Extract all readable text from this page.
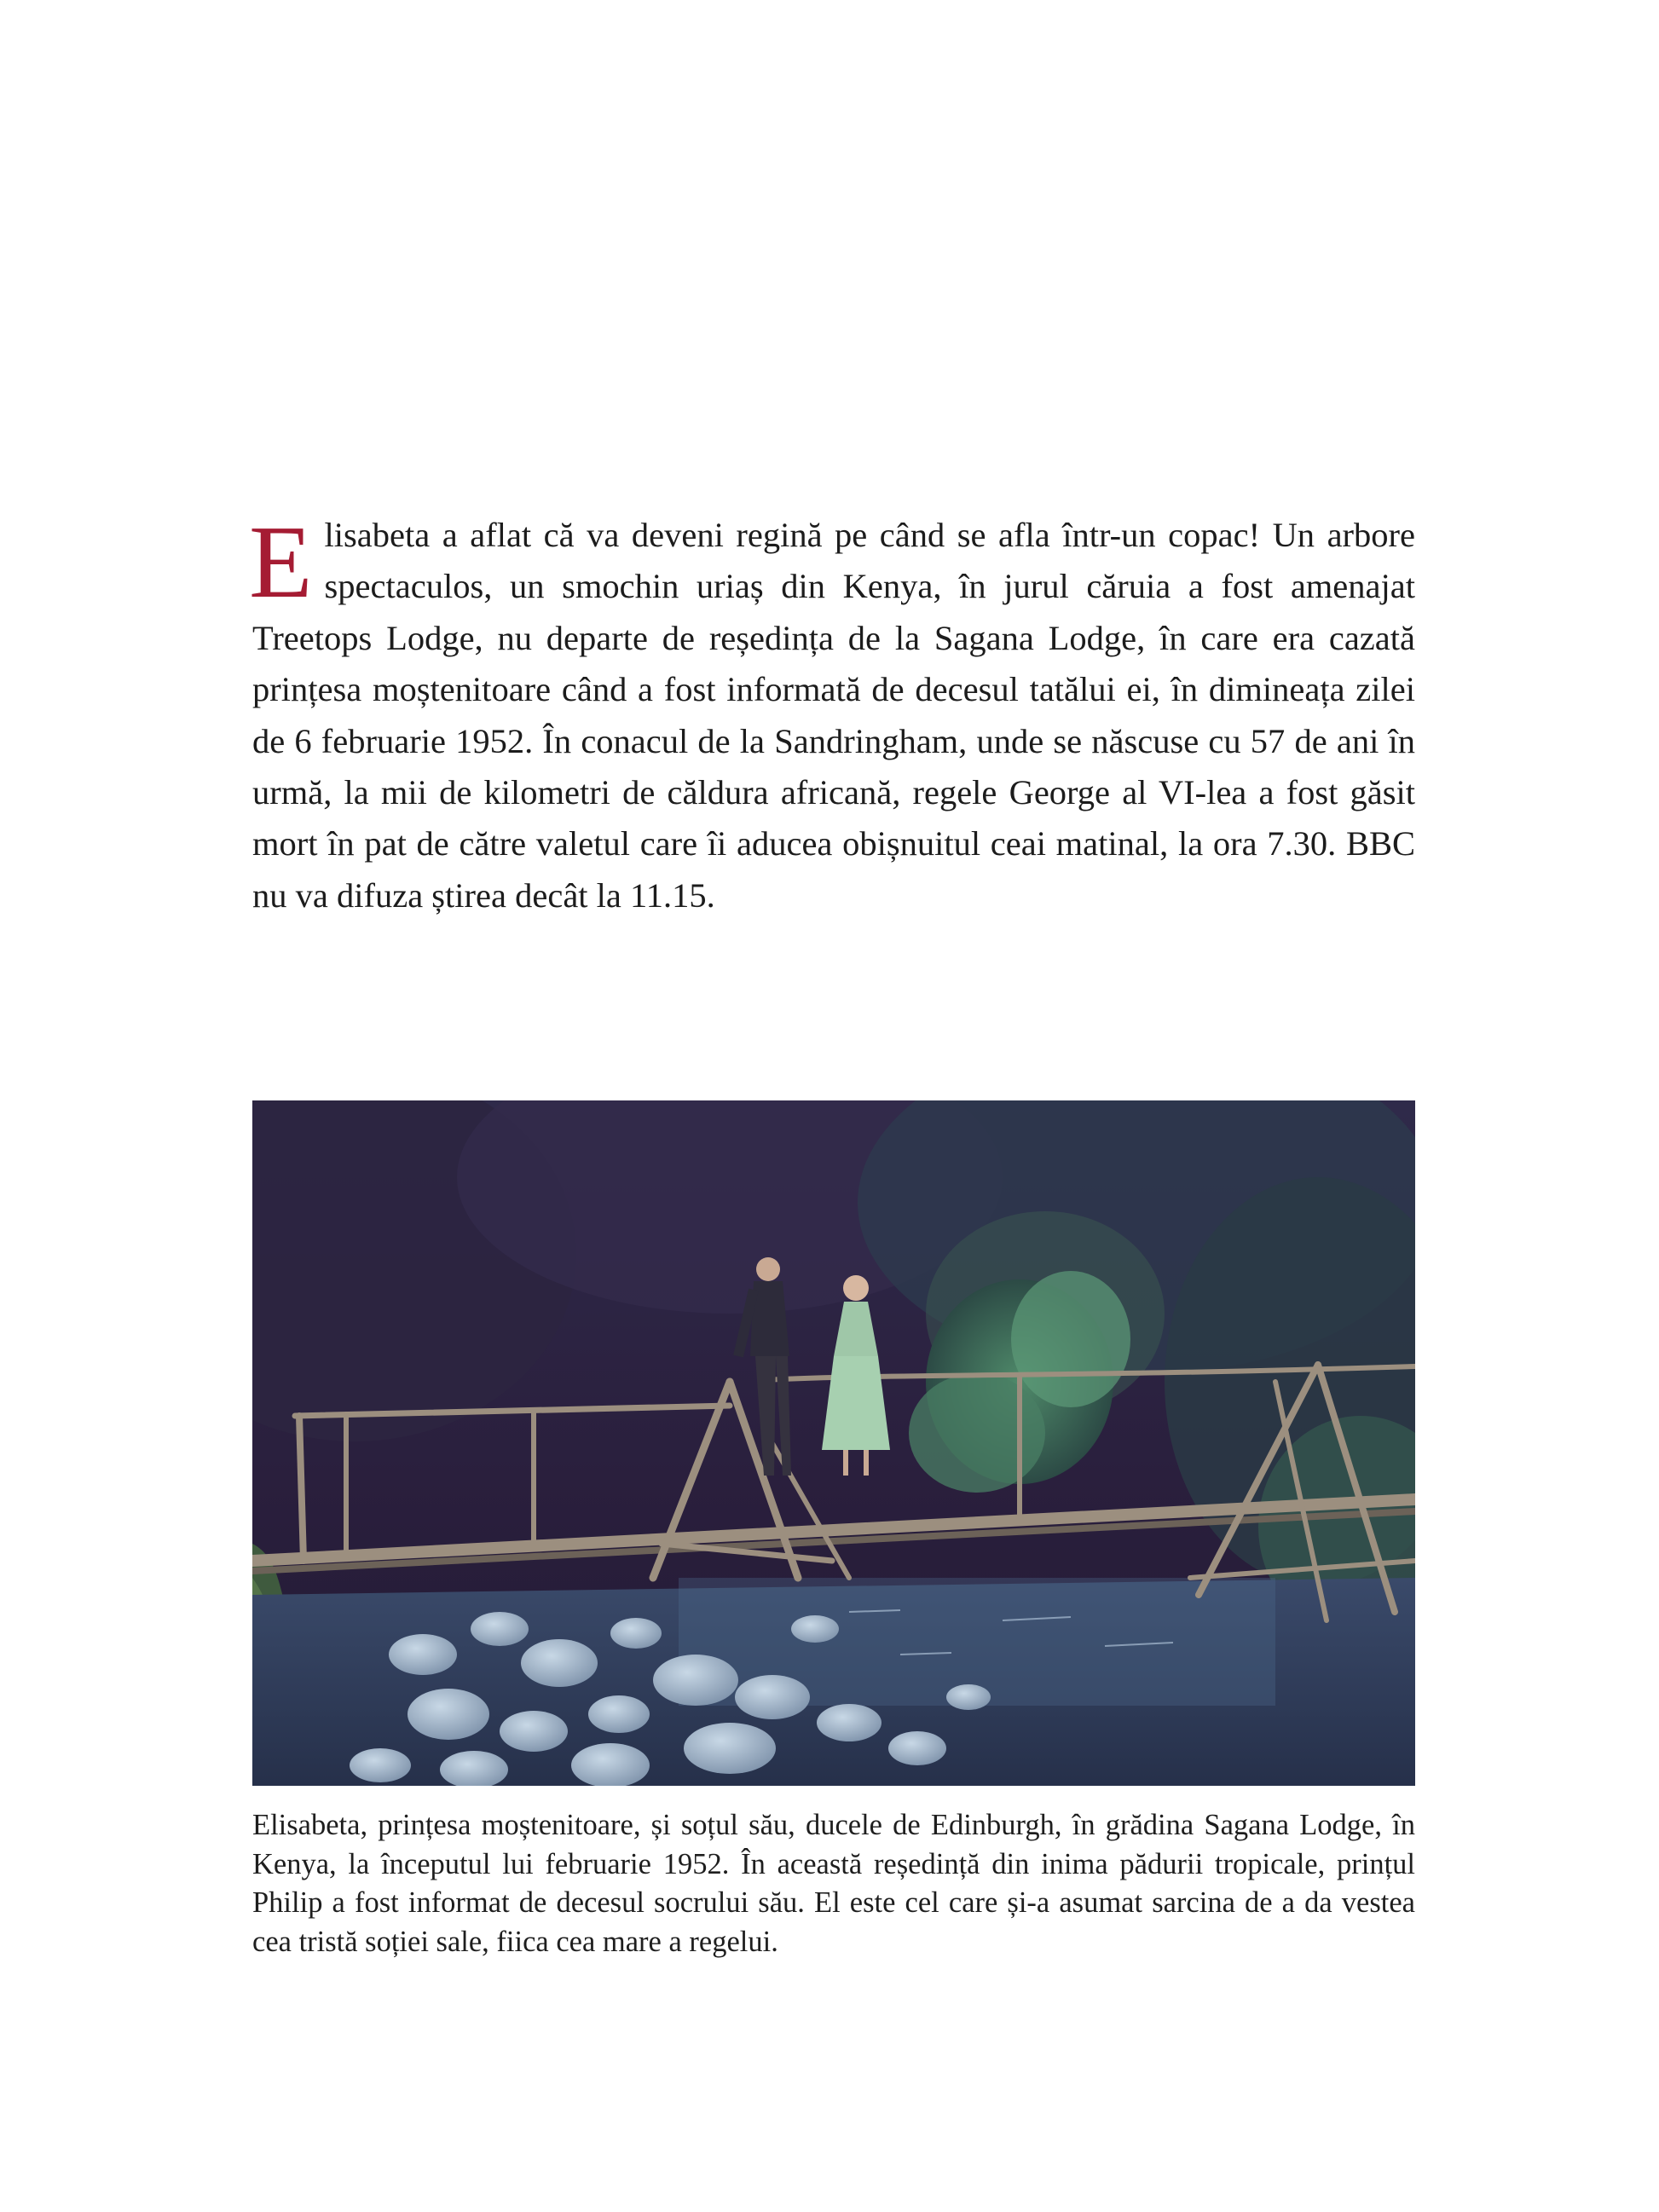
Elisabeta a aflat că va deveni regină pe când se afla într-un copac! Un arbore spectaculos, un smochin uriaș din Kenya, în jurul căruia a fost amenajat Treetops Lodge, nu departe de reședința de la Sagana Lodge, în care era cazată prințesa moștenitoare când a fost informată de decesul tatălui ei, în dimineața zilei de 6 februarie 1952. În conacul de la Sandringham, unde se născuse cu 57 de ani în urmă, la mii de kilometri de căldura africană, regele George al VI-lea a fost găsit mort în pat de către valetul care îi aducea obișnuitul ceai matinal, la ora 7.30. BBC nu va difuza știrea decât la 11.15.

Elisabeta, prințesa moștenitoare, și soțul său, ducele de Edinburgh, în grădina Sagana Lodge, în Kenya, la începutul lui februarie 1952. În această reședință din inima pădurii tropicale, prințul Philip a fost informat de decesul socrului său. El este cel care și-a asumat sarcina de a da vestea cea tristă soției sale, fiica cea mare a regelui.
